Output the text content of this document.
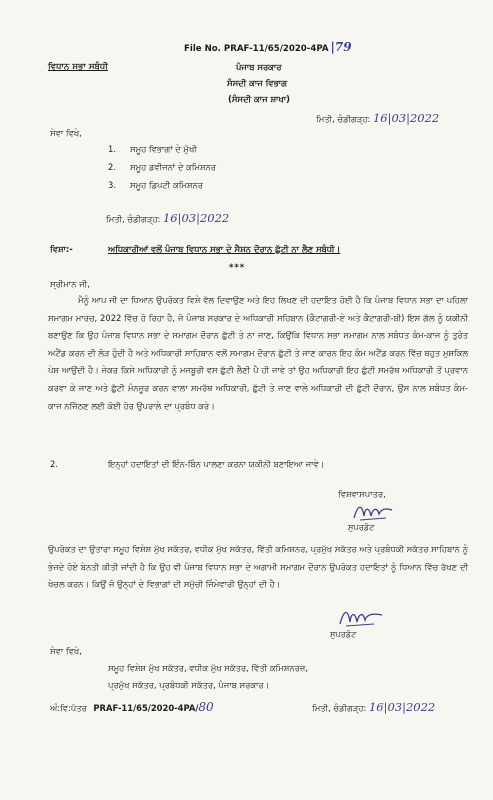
File No. PRAF-11/65/2020-4PA |79
ਵਿਧਾਨ ਸਭਾ ਸਬੰਧੀ	ਪੰਜਾਬ ਸਰਕਾਰ
ਸੰਸਦੀ ਕਾਜ ਵਿਭਾਗ
(ਸੰਸਦੀ ਕਾਜ ਸ਼ਾਖਾ)
ਮਿਤੀ, ਚੰਡੀਗੜ੍ਹ: 16|03|2022
ਸੇਵਾ ਵਿਖੇ,
1. ਸਮੂਹ ਵਿਭਾਗਾਂ ਦੇ ਮੁੱਖੀ
2. ਸਮੂਹ ਡਵੀਜਨਾਂ ਦੇ ਕਮਿਸ਼ਨਰ
3. ਸਮੂਹ ਡਿਪਟੀ ਕਮਿਸ਼ਨਰ
ਮਿਤੀ, ਚੰਡੀਗੜ੍ਹ: 16|03|2022
ਵਿਸ਼ਾ:-	ਅਧਿਕਾਰੀਆਂ ਵਲੋਂ ਪੰਜਾਬ ਵਿਧਾਨ ਸਭਾ ਦੇ ਸੈਸ਼ਨ ਦੌਰਾਨ ਛੁੱਟੀ ਨਾ ਲੈਣ ਸਬੰਧੀ।
***
ਸ੍ਰੀਮਾਨ ਜੀ,
ਮੈਨੂੰ ਆਪ ਜੀ ਦਾ ਧਿਆਨ ਉਪਰੋਕਤ ਵਿਸ਼ੇ ਵੱਲ ਦਿਵਾਉਣ ਅਤੇ ਇਹ ਲਿਖਣ ਦੀ ਹਦਾਇਤ ਹੋਈ ਹੈ ਕਿ ਪੰਜਾਬ ਵਿਧਾਨ ਸਭਾ ਦਾ ਪਹਿਲਾ ਸਮਾਗਮ ਮਾਰਚ, 2022 ਵਿੱਚ ਹੋ ਰਿਹਾ ਹੈ, ਜੋ ਪੰਜਾਬ ਸਰਕਾਰ ਦੇ ਅਧਿਕਾਰੀ ਸਹਿਬਾਨ (ਕੈਟਾਗਰੀ-ਏ ਅਤੇ ਕੈਟਾਗਰੀ-ਬੀ) ਇਸ ਗੱਲ ਨੂੰ ਯਕੀਨੀ ਬਣਾਉਣ ਕਿ ਉਹ ਪੰਜਾਬ ਵਿਧਾਨ ਸਭਾ ਦੇ ਸਮਾਗਮ ਦੌਰਾਨ ਛੁੱਟੀ ਤੇ ਨਾ ਜਾਣ, ਕਿਉਂਕਿ ਵਿਧਾਨ ਸਭਾ ਸਮਾਗਮ ਨਾਲ ਸਬੰਧਤ ਕੰਮ-ਕਾਜ ਨੂੰ ਤੁਰੰਤ ਅਟੈਂਡ ਕਰਨ ਦੀ ਲੋੜ ਹੁੰਦੀ ਹੈ ਅਤੇ ਅਧਿਕਾਰੀ ਸਾਹਿਬਾਨ ਵਲੋਂ ਸਮਾਗਮ ਦੌਰਾਨ ਛੁੱਟੀ ਤੇ ਜਾਣ ਕਾਰਨ ਇਹ ਕੰਮ ਅਟੈਂਡ ਕਰਨ ਵਿੱਚ ਬਹੁਤ ਮੁਸ਼ਕਿਲ ਪੇਸ਼ ਆਉਂਦੀ ਹੈ। ਜੇਕਰ ਕਿਸੇ ਅਧਿਕਾਰੀ ਨੂੰ ਮਜਬੂਰੀ ਵਸ ਛੁੱਟੀ ਲੈਣੀ ਪੈ ਹੀ ਜਾਵੇ ਤਾਂ ਉਹ ਅਧਿਕਾਰੀ ਇਹ ਛੁੱਟੀ ਸਮਰੱਥ ਅਧਿਕਾਰੀ ਤੋਂ ਪ੍ਰਵਾਨ ਕਰਵਾ ਕੇ ਜਾਣ ਅਤੇ ਛੁੱਟੀ ਮੰਨਜ਼ੂਰ ਕਰਨ ਵਾਲਾ ਸਮਰੱਥ ਅਧਿਕਾਰੀ, ਛੁੱਟੀ ਤੇ ਜਾਣ ਵਾਲੇ ਅਧਿਕਾਰੀ ਦੀ ਛੁੱਟੀ ਦੌਰਾਨ, ਉਸ ਨਾਲ ਸਬੰਧਤ ਕੰਮ-ਕਾਜ ਨਜਿੱਠਣ ਲਈ ਕੋਈ ਹੋਰ ਉਪਰਾਲੇ ਦਾ ਪ੍ਰਬੰਧ ਕਰੇ।
2.	ਇਨ੍ਹਾਂ ਹਦਾਇਤਾਂ ਦੀ ਇੰਨ-ਬਿੰਨ ਪਾਲਣਾ ਕਰਨਾ ਯਕੀਨੀ ਬਣਾਇਆ ਜਾਵੇ।
ਵਿਸ਼ਵਾਸਪਾਤਰ,
ਸੁਪਰਡੰਟ
ਉਪਰੋਕਤ ਦਾ ਉਤਾਰਾ ਸਮੂਹ ਵਿਸ਼ੇਸ਼ ਮੁੱਖ ਸਕੱਤਰ, ਵਧੀਕ ਮੁੱਖ ਸਕੱਤਰ, ਵਿੱਤੀ ਕਮਿਸ਼ਨਰ, ਪ੍ਰਮੁੱਖ ਸਕੱਤਰ ਅਤੇ ਪ੍ਰਬੰਧਕੀ ਸਕੱਤਰ ਸਾਹਿਬਾਨ ਨੂੰ ਭੇਜਦੇ ਹੋਏ ਬੇਨਤੀ ਕੀਤੀ ਜਾਂਦੀ ਹੈ ਕਿ ਉਹ ਵੀ ਪੰਜਾਬ ਵਿਧਾਨ ਸਭਾ ਦੇ ਅਗਾਮੀ ਸਮਾਗਮ ਦੌਰਾਨ ਉਪਰੋਕਤ ਹਦਾਇਤਾਂ ਨੂੰ ਧਿਆਨ ਵਿੱਚ ਰੱਖਣ ਦੀ ਖੇਚਲ ਕਰਨ। ਕਿਉਂ ਜੋ ਉਨ੍ਹਾਂ ਦੇ ਵਿਭਾਗਾਂ ਦੀ ਸਮੁੱਚੀ ਜਿੰਮੇਵਾਰੀ ਉਨ੍ਹਾਂ ਦੀ ਹੈ।
ਸੁਪਰਡੰਟ
ਸੇਵਾ ਵਿਖੇ,
ਸਮੂਹ ਵਿਸ਼ੇਸ਼ ਮੁੱਖ ਸਕੱਤਰ, ਵਧੀਕ ਮੁੱਖ ਸਕੱਤਰ, ਵਿੱਤੀ ਕਮਿਸ਼ਨਰਜ਼,
ਪ੍ਰਮੁੱਖ ਸਕੱਤਰ, ਪ੍ਰਬੰਧਕੀ ਸਕੱਤਰ, ਪੰਜਾਬ ਸਰਕਾਰ।
ਅੰ:ਵਿ:ਪੱਤਰ PRAF-11/65/2020-4PA/80	ਮਿਤੀ, ਚੰਡੀਗੜ੍ਹ: 16|03|2022
